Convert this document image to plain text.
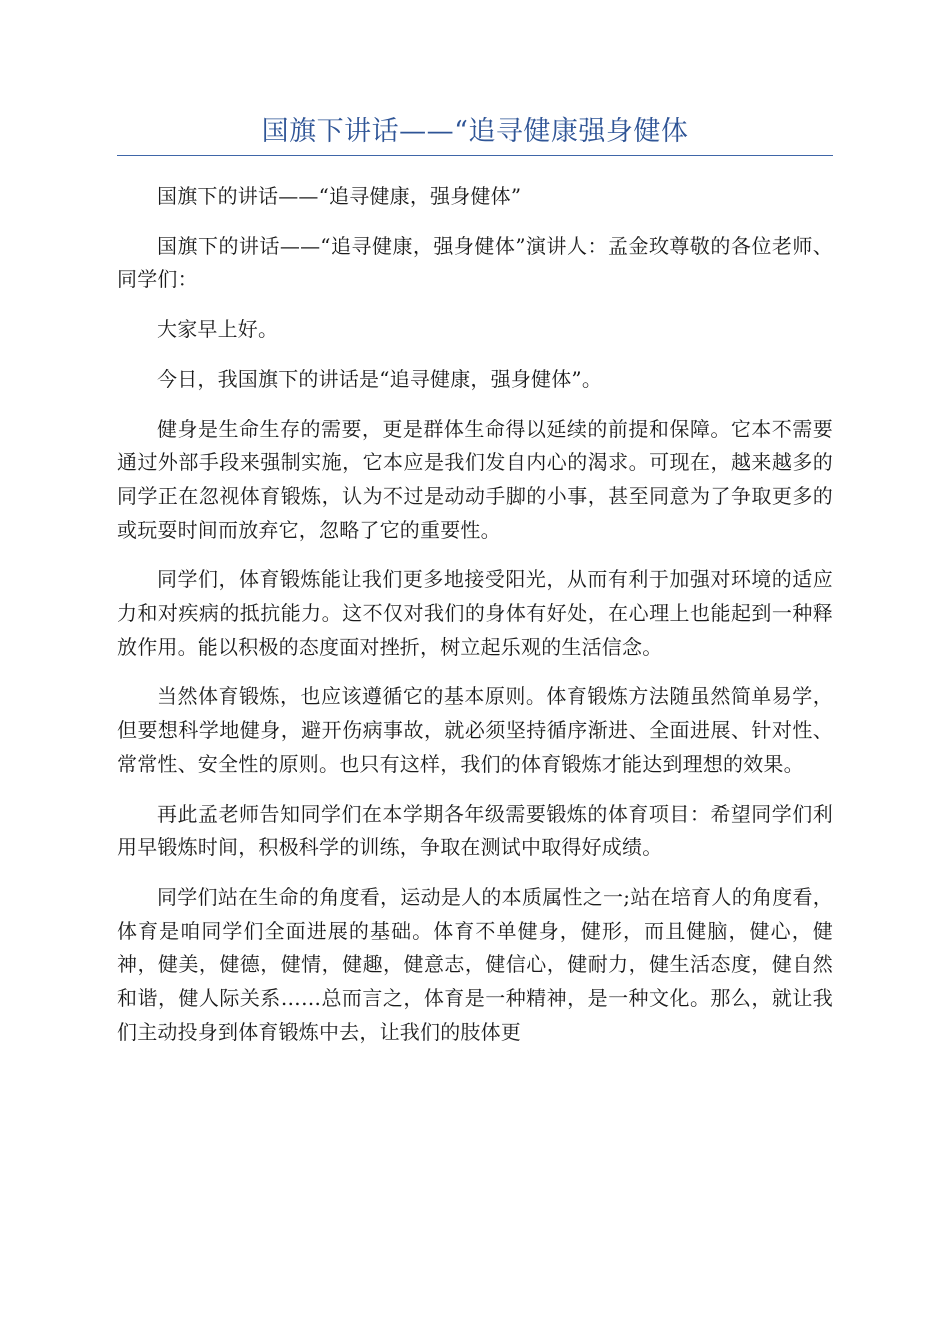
国旗下讲话——“追寻健康强身健体

国旗下的讲话——“追寻健康，强身健体”

国旗下的讲话——“追寻健康，强身健体”演讲人：孟金玫尊敬的各位老师、同学们：

大家早上好。

今日，我国旗下的讲话是“追寻健康，强身健体”。

健身是生命生存的需要，更是群体生命得以延续的前提和保障。它本不需要通过外部手段来强制实施，它本应是我们发自内心的渴求。可现在，越来越多的同学正在忽视体育锻炼，认为不过是动动手脚的小事，甚至同意为了争取更多的或玩耍时间而放弃它，忽略了它的重要性。

同学们，体育锻炼能让我们更多地接受阳光，从而有利于加强对环境的适应力和对疾病的抵抗能力。这不仅对我们的身体有好处，在心理上也能起到一种释放作用。能以积极的态度面对挫折，树立起乐观的生活信念。

当然体育锻炼，也应该遵循它的基本原则。体育锻炼方法随虽然简单易学，但要想科学地健身，避开伤病事故，就必须坚持循序渐进、全面进展、针对性、常常性、安全性的原则。也只有这样，我们的体育锻炼才能达到理想的效果。

再此孟老师告知同学们在本学期各年级需要锻炼的体育项目：希望同学们利用早锻炼时间，积极科学的训练，争取在测试中取得好成绩。

同学们站在生命的角度看，运动是人的本质属性之一;站在培育人的角度看，体育是咱同学们全面进展的基础。体育不单健身，健形，而且健脑，健心，健神，健美，健德，健情，健趣，健意志，健信心，健耐力，健生活态度，健自然和谐，健人际关系……总而言之，体育是一种精神，是一种文化。那么，就让我们主动投身到体育锻炼中去，让我们的肢体更
